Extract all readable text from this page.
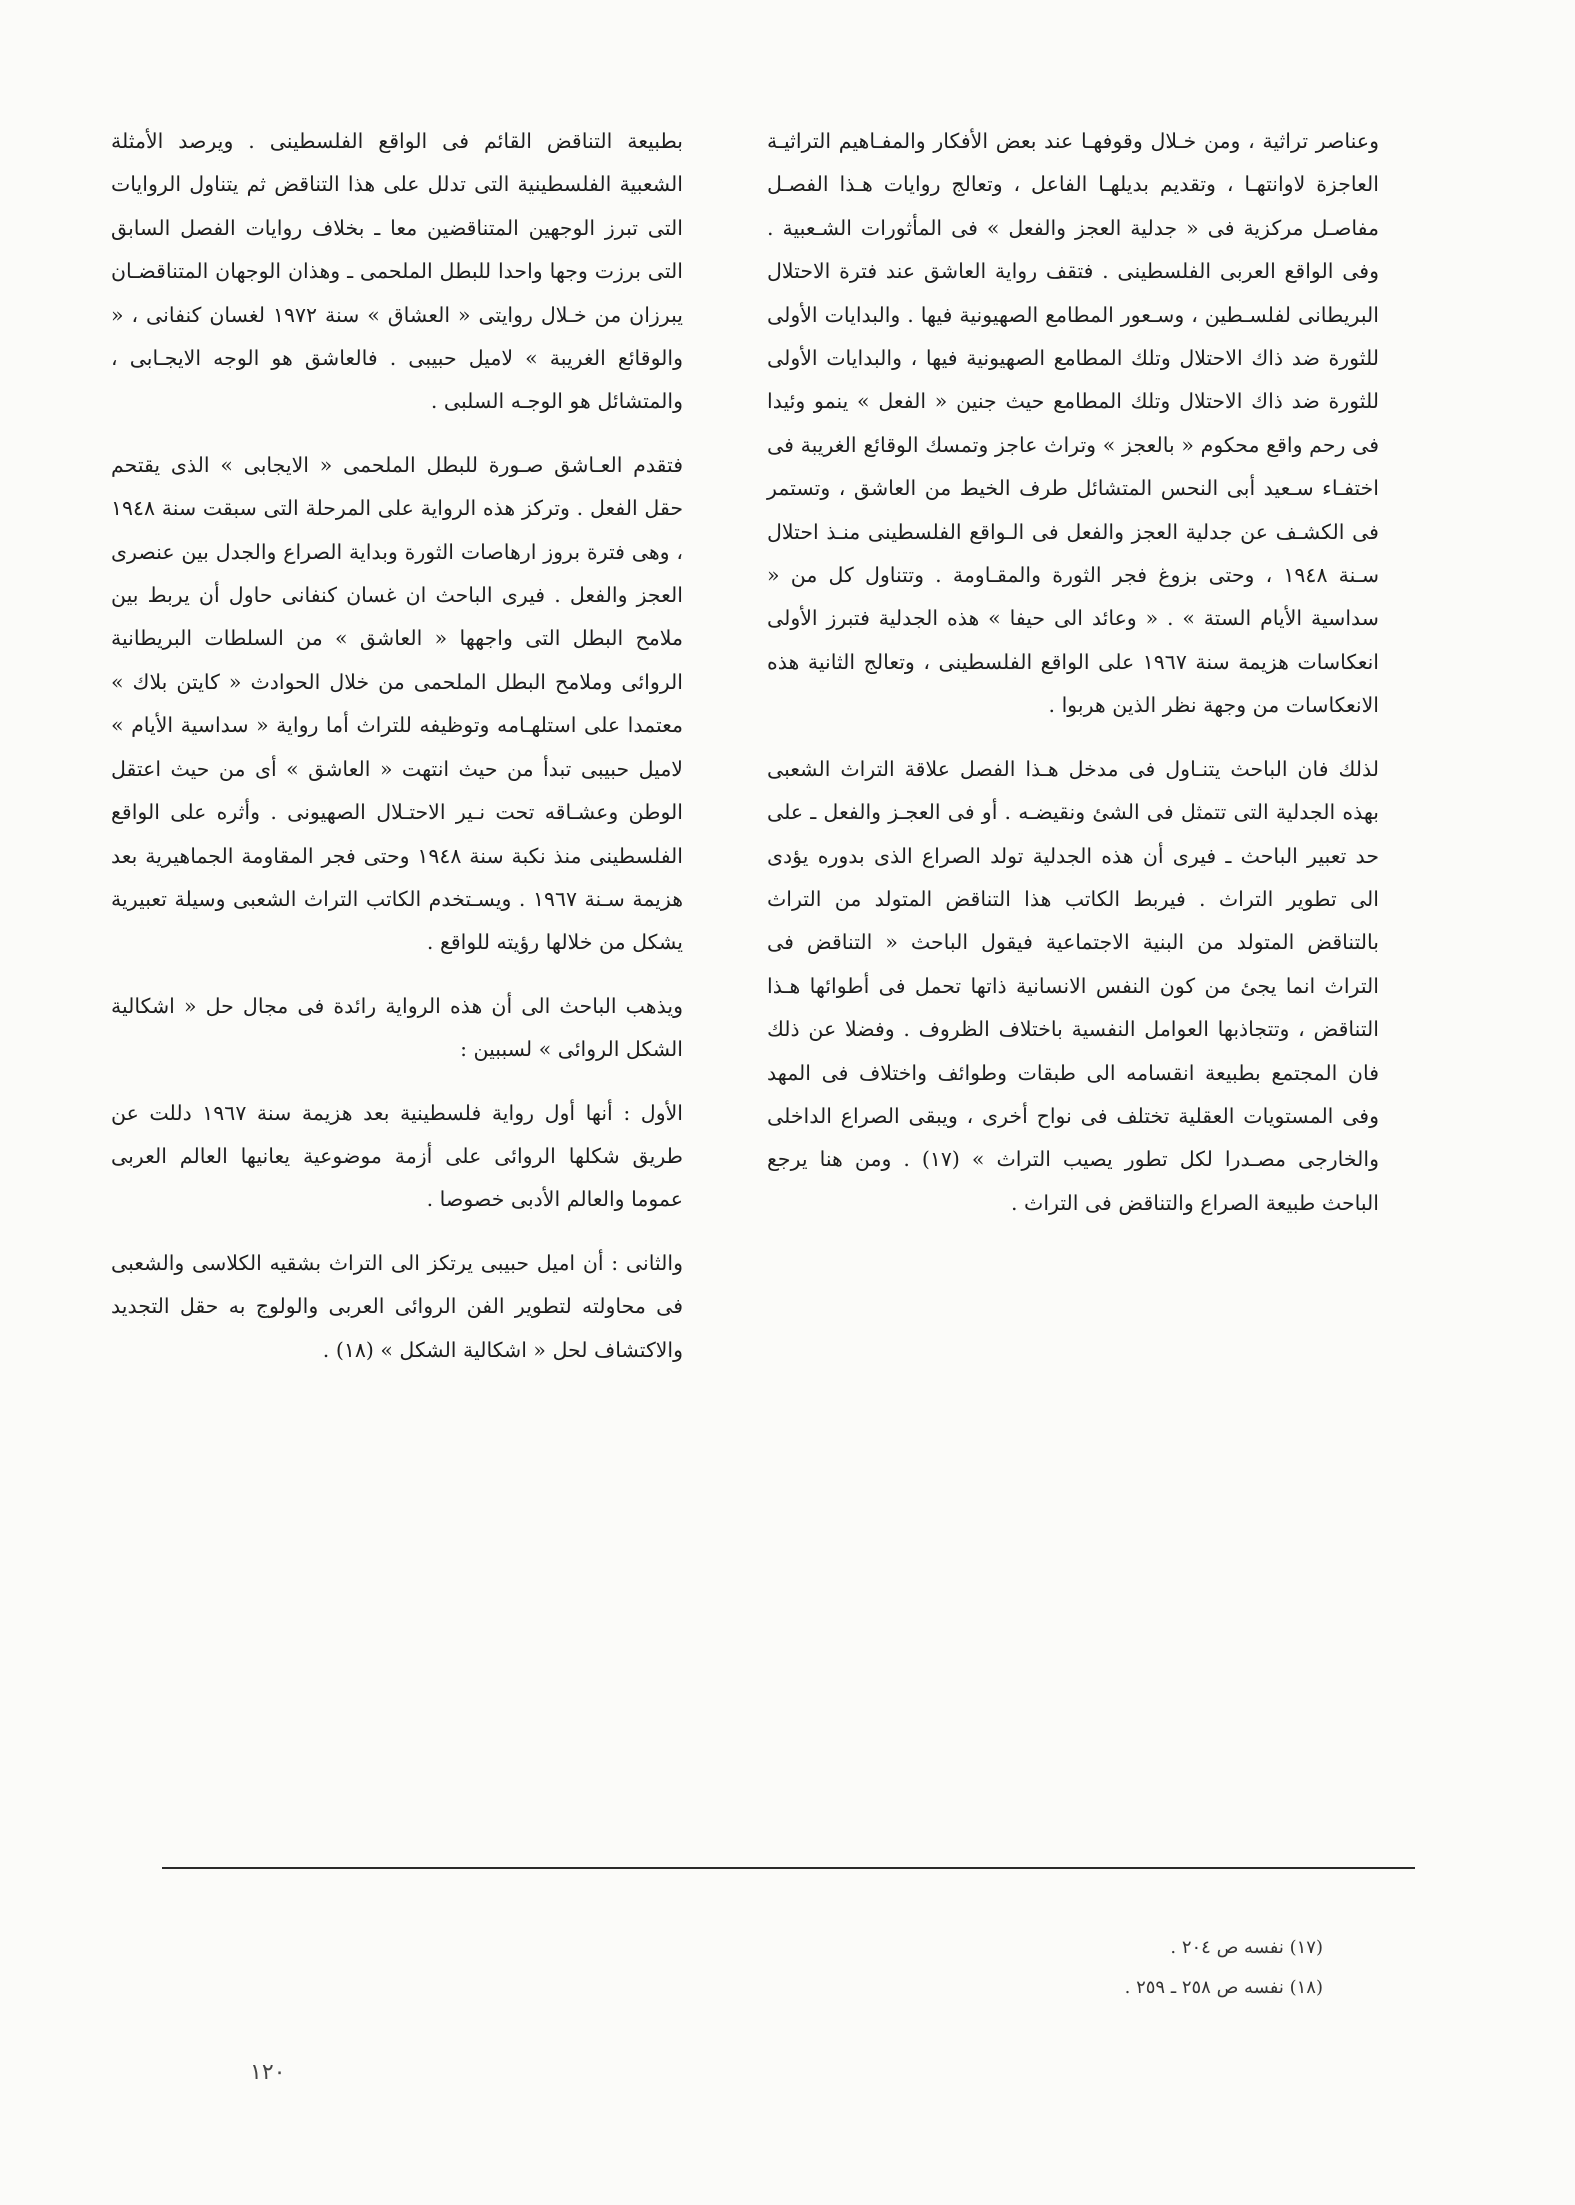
وعناصر تراثية ، ومن خـلال وقوفهـا عند بعض الأفكار والمفـاهيم التراثيـة العاجزة لاوانتهـا ، وتقديم بديلهـا الفاعل ، وتعالج روايات هـذا الفصـل مفاصـل مركزية فى « جدلية العجز والفعل » فى المأثورات الشـعبية . وفى الواقع العربى الفلسطينى . فتقف رواية العاشق عند فترة الاحتلال البريطانى لفلسـطين ، وسـعور المطامع الصهيونية فيها . والبدايات الأولى للثورة ضد ذاك الاحتلال وتلك المطامع الصهيونية فيها ، والبدايات الأولى للثورة ضد ذاك الاحتلال وتلك المطامع حيث جنين « الفعل » ينمو وئيدا فى رحم واقع محكوم « بالعجز » وتراث عاجز وتمسك الوقائع الغريبة فى اختفـاء سـعيد أبى النحس المتشائل طرف الخيط من العاشق ، وتستمر فى الكشـف عن جدلية العجز والفعل فى الـواقع الفلسطينى منـذ احتلال سـنة ١٩٤٨ ، وحتى بزوغ فجر الثورة والمقـاومة . وتتناول كل من « سداسية الأيام الستة » . « وعائد الى حيفا » هذه الجدلية فتبرز الأولى انعكاسات هزيمة سنة ١٩٦٧ على الواقع الفلسطينى ، وتعالج الثانية هذه الانعكاسات من وجهة نظر الذين هربوا .

لذلك فان الباحث يتنـاول فى مدخل هـذا الفصل علاقة التراث الشعبى بهذه الجدلية التى تتمثل فى الشئ ونقيضـه . أو فى العجـز والفعل ـ على حد تعبير الباحث ـ فيرى أن هذه الجدلية تولد الصراع الذى بدوره يؤدى الى تطوير التراث . فيربط الكاتب هذا التناقض المتولد من التراث بالتناقض المتولد من البنية الاجتماعية فيقول الباحث « التناقض فى التراث انما يجئ من كون النفس الانسانية ذاتها تحمل فى أطوائها هـذا التناقض ، وتتجاذبها العوامل النفسية باختلاف الظروف . وفضلا عن ذلك فان المجتمع بطبيعة انقسامه الى طبقات وطوائف واختلاف فى المهد وفى المستويات العقلية تختلف فى نواح أخرى ، ويبقى الصراع الداخلى والخارجى مصـدرا لكل تطور يصيب التراث » (١٧) . ومن هنا يرجع الباحث طبيعة الصراع والتناقض فى التراث .

بطبيعة التناقض القائم فى الواقع الفلسطينى . ويرصد الأمثلة الشعبية الفلسطينية التى تدلل على هذا التناقض ثم يتناول الروايات التى تبرز الوجهين المتناقضين معا ـ بخلاف روايات الفصل السابق التى برزت وجها واحدا للبطل الملحمى ـ وهذان الوجهان المتناقضـان يبرزان من خـلال روايتى « العشاق » سنة ١٩٧٢ لغسان كنفانى ، « والوقائع الغريبة » لاميل حبيبى . فالعاشق هو الوجه الايجـابى ، والمتشائل هو الوجـه السلبى .

فتقدم العـاشق صـورة للبطل الملحمى « الايجابى » الذى يقتحم حقل الفعل . وتركز هذه الرواية على المرحلة التى سبقت سنة ١٩٤٨ ، وهى فترة بروز ارهاصات الثورة وبداية الصراع والجدل بين عنصرى العجز والفعل . فيرى الباحث ان غسان كنفانى حاول أن يربط بين ملامح البطل التى واجهها « العاشق » من السلطات البريطانية الروائى وملامح البطل الملحمى من خلال الحوادث « كايتن بلاك » معتمدا على استلهـامه وتوظيفه للتراث أما رواية « سداسية الأيام » لاميل حبيبى تبدأ من حيث انتهت « العاشق » أى من حيث اعتقل الوطن وعشـاقه تحت نـير الاحتـلال الصهيونى . وأثره على الواقع الفلسطينى منذ نكبة سنة ١٩٤٨ وحتى فجر المقاومة الجماهيرية بعد هزيمة سـنة ١٩٦٧ . ويسـتخدم الكاتب التراث الشعبى وسيلة تعبيرية يشكل من خلالها رؤيته للواقع .

ويذهب الباحث الى أن هذه الرواية رائدة فى مجال حل « اشكالية الشكل الروائى » لسببين :

الأول : أنها أول رواية فلسطينية بعد هزيمة سنة ١٩٦٧ دللت عن طريق شكلها الروائى على أزمة موضوعية يعانيها العالم العربى عموما والعالم الأدبى خصوصا .

والثانى : أن اميل حبيبى يرتكز الى التراث بشقيه الكلاسى والشعبى فى محاولته لتطوير الفن الروائى العربى والولوج به حقل التجديد والاكتشاف لحل « اشكالية الشكل » (١٨) .

(١٧) نفسه ص ٢٠٤ .
(١٨) نفسه ص ٢٥٨ ـ ٢٥٩ .
١٢٠
